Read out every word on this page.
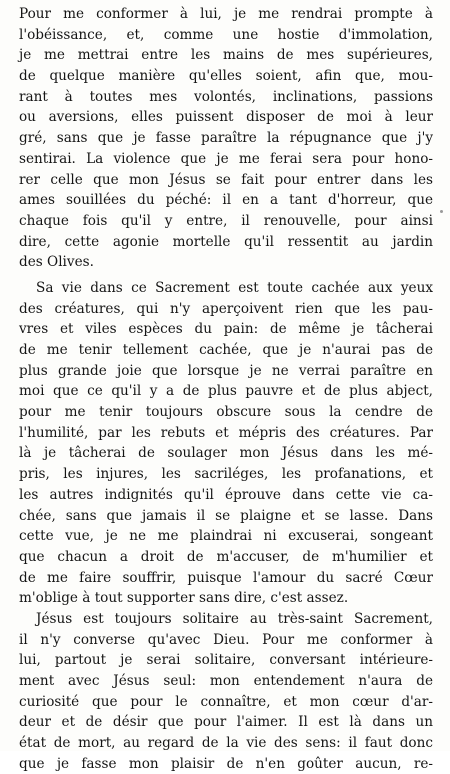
Pour me conformer à lui, je me rendrai prompte à
l'obéissance, et, comme une hostie d'immolation,
je me mettrai entre les mains de mes supérieures,
de quelque manière qu'elles soient, afin que, mou-
rant à toutes mes volontés, inclinations, passions
ou aversions, elles puissent disposer de moi à leur
gré, sans que je fasse paraître la répugnance que j'y
sentirai. La violence que je me ferai sera pour hono-
rer celle que mon Jésus se fait pour entrer dans les
ames souillées du péché: il en a tant d'horreur, que
chaque fois qu'il y entre, il renouvelle, pour ainsi
dire, cette agonie mortelle qu'il ressentit au jardin
des Olives.
Sa vie dans ce Sacrement est toute cachée aux yeux
des créatures, qui n'y aperçoivent rien que les pau-
vres et viles espèces du pain: de même je tâcherai
de me tenir tellement cachée, que je n'aurai pas de
plus grande joie que lorsque je ne verrai paraître en
moi que ce qu'il y a de plus pauvre et de plus abject,
pour me tenir toujours obscure sous la cendre de
l'humilité, par les rebuts et mépris des créatures. Par
là je tâcherai de soulager mon Jésus dans les mé-
pris, les injures, les sacriléges, les profanations, et
les autres indignités qu'il éprouve dans cette vie ca-
chée, sans que jamais il se plaigne et se lasse. Dans
cette vue, je ne me plaindrai ni excuserai, songeant
que chacun a droit de m'accuser, de m'humilier et
de me faire souffrir, puisque l'amour du sacré Cœur
m'oblige à tout supporter sans dire, c'est assez.
Jésus est toujours solitaire au très-saint Sacrement,
il n'y converse qu'avec Dieu. Pour me conformer à
lui, partout je serai solitaire, conversant intérieure-
ment avec Jésus seul: mon entendement n'aura de
curiosité que pour le connaître, et mon cœur d'ar-
deur et de désir que pour l'aimer. Il est là dans un
état de mort, au regard de la vie des sens: il faut donc
que je fasse mon plaisir de n'en goûter aucun, re-
